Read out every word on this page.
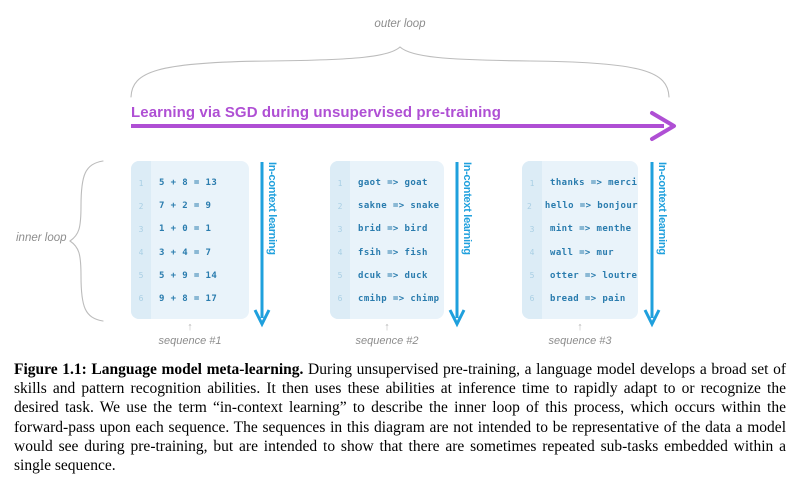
outer loop
Learning via SGD during unsupervised pre-training
inner loop
1	5 + 8 = 13
2	7 + 2 = 9
3	1 + 0 = 1
4	3 + 4 = 7
5	5 + 9 = 14
6	9 + 8 = 17
In-context learning
↑
sequence #1
1	gaot => goat
2	sakne => snake
3	brid => bird
4	fsih => fish
5	dcuk => duck
6	cmihp => chimp
In-context learning
↑
sequence #2
1	thanks => merci
2	hello => bonjour
3	mint => menthe
4	wall => mur
5	otter => loutre
6	bread => pain
In-context learning
↑
sequence #3

Figure 1.1: Language model meta-learning. During unsupervised pre-training, a language model develops a broad set of skills and pattern recognition abilities. It then uses these abilities at inference time to rapidly adapt to or recognize the desired task. We use the term “in-context learning” to describe the inner loop of this process, which occurs within the forward-pass upon each sequence. The sequences in this diagram are not intended to be representative of the data a model would see during pre-training, but are intended to show that there are sometimes repeated sub-tasks embedded within a single sequence.
